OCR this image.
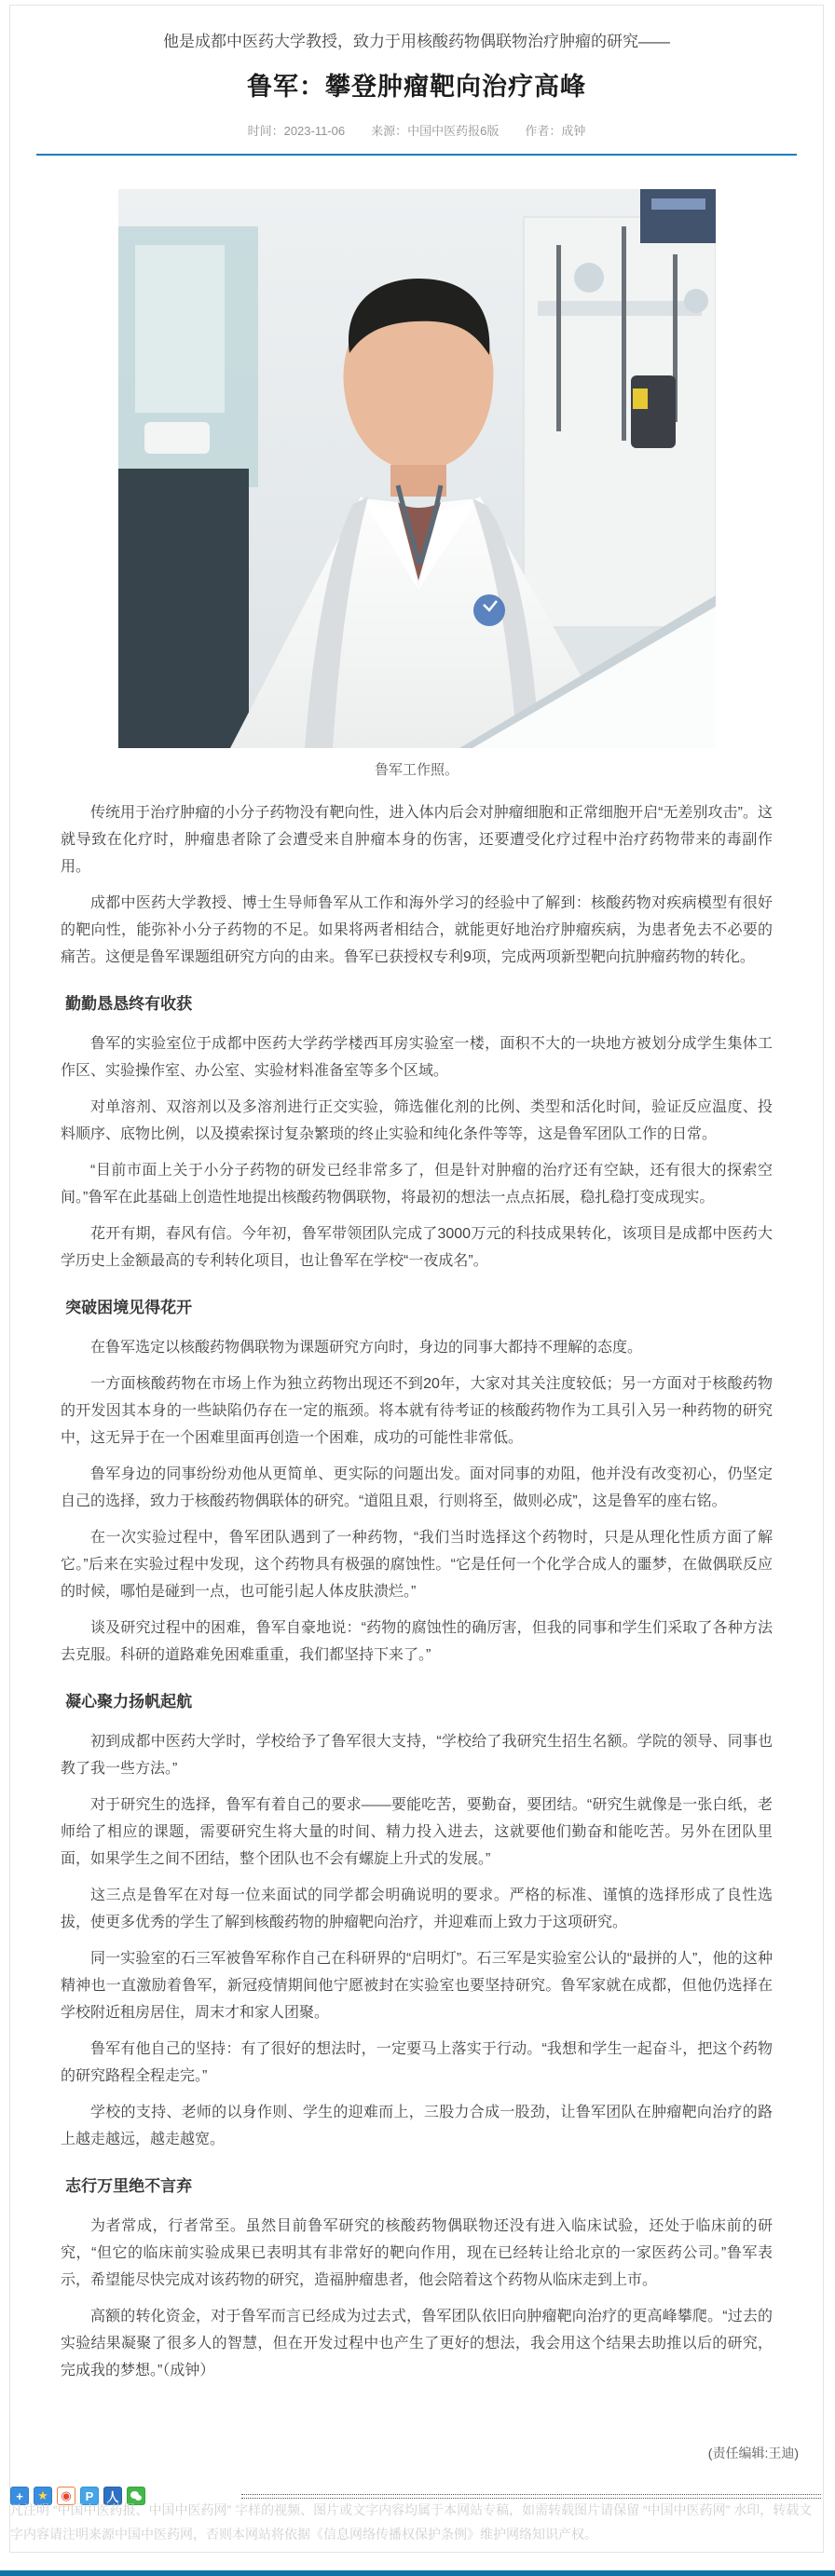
他是成都中医药大学教授，致力于用核酸药物偶联物治疗肿瘤的研究——
鲁军：攀登肿瘤靶向治疗高峰
时间：2023-11-06 来源：中国中医药报6版 作者：成钟
鲁军工作照。

传统用于治疗肿瘤的小分子药物没有靶向性，进入体内后会对肿瘤细胞和正常细胞开启“无差别攻击”。这就导致在化疗时，肿瘤患者除了会遭受来自肿瘤本身的伤害，还要遭受化疗过程中治疗药物带来的毒副作用。

成都中医药大学教授、博士生导师鲁军从工作和海外学习的经验中了解到：核酸药物对疾病模型有很好的靶向性，能弥补小分子药物的不足。如果将两者相结合，就能更好地治疗肿瘤疾病，为患者免去不必要的痛苦。这便是鲁军课题组研究方向的由来。鲁军已获授权专利9项，完成两项新型靶向抗肿瘤药物的转化。

勤勤恳恳终有收获

鲁军的实验室位于成都中医药大学药学楼西耳房实验室一楼，面积不大的一块地方被划分成学生集体工作区、实验操作室、办公室、实验材料准备室等多个区域。

对单溶剂、双溶剂以及多溶剂进行正交实验，筛选催化剂的比例、类型和活化时间，验证反应温度、投料顺序、底物比例，以及摸索探讨复杂繁琐的终止实验和纯化条件等等，这是鲁军团队工作的日常。

“目前市面上关于小分子药物的研发已经非常多了，但是针对肿瘤的治疗还有空缺，还有很大的探索空间。”鲁军在此基础上创造性地提出核酸药物偶联物，将最初的想法一点点拓展，稳扎稳打变成现实。

花开有期，春风有信。今年初，鲁军带领团队完成了3000万元的科技成果转化，该项目是成都中医药大学历史上金额最高的专利转化项目，也让鲁军在学校“一夜成名”。

突破困境见得花开

在鲁军选定以核酸药物偶联物为课题研究方向时，身边的同事大都持不理解的态度。

一方面核酸药物在市场上作为独立药物出现还不到20年，大家对其关注度较低；另一方面对于核酸药物的开发因其本身的一些缺陷仍存在一定的瓶颈。将本就有待考证的核酸药物作为工具引入另一种药物的研究中，这无异于在一个困难里面再创造一个困难，成功的可能性非常低。

鲁军身边的同事纷纷劝他从更简单、更实际的问题出发。面对同事的劝阻，他并没有改变初心，仍坚定自己的选择，致力于核酸药物偶联体的研究。“道阻且艰，行则将至，做则必成”，这是鲁军的座右铭。

在一次实验过程中，鲁军团队遇到了一种药物，“我们当时选择这个药物时，只是从理化性质方面了解它。”后来在实验过程中发现，这个药物具有极强的腐蚀性。“它是任何一个化学合成人的噩梦，在做偶联反应的时候，哪怕是碰到一点，也可能引起人体皮肤溃烂。”

谈及研究过程中的困难，鲁军自豪地说：“药物的腐蚀性的确厉害，但我的同事和学生们采取了各种方法去克服。科研的道路难免困难重重，我们都坚持下来了。”

凝心聚力扬帆起航

初到成都中医药大学时，学校给予了鲁军很大支持，“学校给了我研究生招生名额。学院的领导、同事也教了我一些方法。”

对于研究生的选择，鲁军有着自己的要求——要能吃苦，要勤奋，要团结。“研究生就像是一张白纸，老师给了相应的课题，需要研究生将大量的时间、精力投入进去，这就要他们勤奋和能吃苦。另外在团队里面，如果学生之间不团结，整个团队也不会有螺旋上升式的发展。”

这三点是鲁军在对每一位来面试的同学都会明确说明的要求。严格的标准、谨慎的选择形成了良性选拔，使更多优秀的学生了解到核酸药物的肿瘤靶向治疗，并迎难而上致力于这项研究。

同一实验室的石三军被鲁军称作自己在科研界的“启明灯”。石三军是实验室公认的“最拼的人”，他的这种精神也一直激励着鲁军，新冠疫情期间他宁愿被封在实验室也要坚持研究。鲁军家就在成都，但他仍选择在学校附近租房居住，周末才和家人团聚。

鲁军有他自己的坚持：有了很好的想法时，一定要马上落实于行动。“我想和学生一起奋斗，把这个药物的研究路程全程走完。”

学校的支持、老师的以身作则、学生的迎难而上，三股力合成一股劲，让鲁军团队在肿瘤靶向治疗的路上越走越远，越走越宽。

志行万里绝不言弃

为者常成，行者常至。虽然目前鲁军研究的核酸药物偶联物还没有进入临床试验，还处于临床前的研究，“但它的临床前实验成果已表明其有非常好的靶向作用，现在已经转让给北京的一家医药公司。”鲁军表示，希望能尽快完成对该药物的研究，造福肿瘤患者，他会陪着这个药物从临床走到上市。

高额的转化资金，对于鲁军而言已经成为过去式，鲁军团队依旧向肿瘤靶向治疗的更高峰攀爬。“过去的实验结果凝聚了很多人的智慧，但在开发过程中也产生了更好的想法，我会用这个结果去助推以后的研究，完成我的梦想。”（成钟）

(责任编辑:王迪)
+	★	◉	P	人
凡注明 “中国中医药报、中国中医药网” 字样的视频、图片或文字内容均属于本网站专稿，如需转载图片请保留 “中国中医药网” 水印，转载文字内容请注明来源中国中医药网，否则本网站将依据《信息网络传播权保护条例》维护网络知识产权。
